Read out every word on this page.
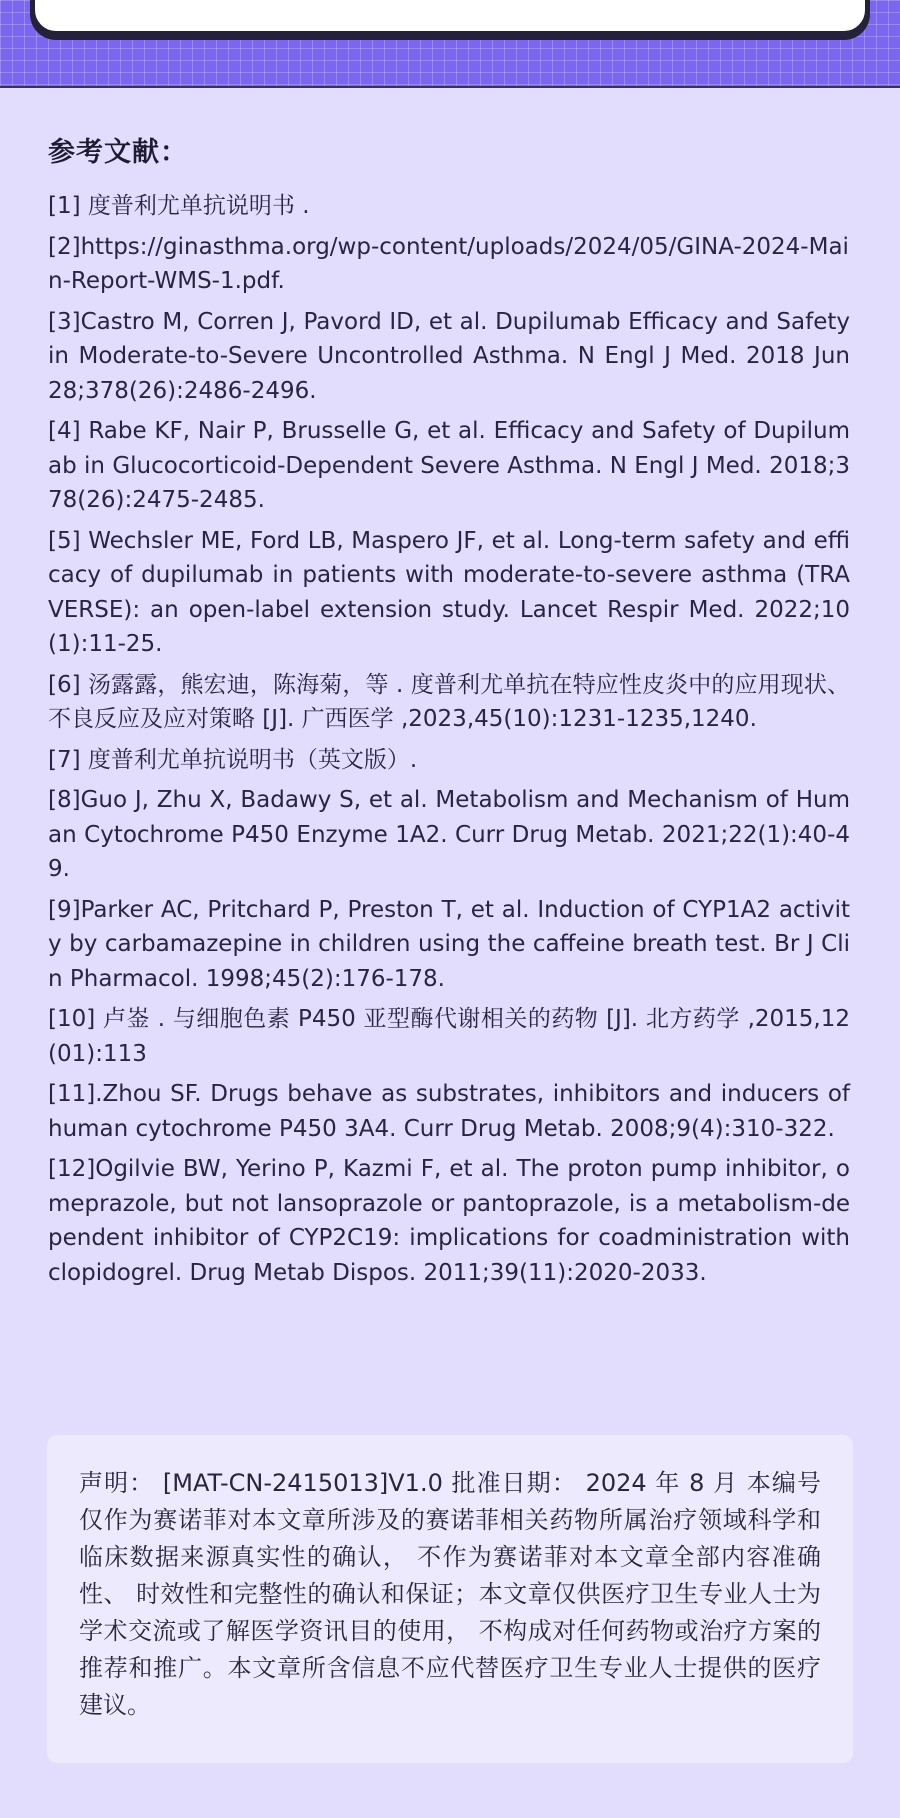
参考文献：
[1] 度普利尤单抗说明书 .
[2]https://ginasthma.org/wp-content/uploads/2024/05/GINA-2024-Main-Report-WMS-1.pdf.
[3]Castro M, Corren J, Pavord ID, et al. Dupilumab Efficacy and Safety in Moderate-to-Severe Uncontrolled Asthma. N Engl J Med. 2018 Jun 28;378(26):2486-2496.
[4] Rabe KF, Nair P, Brusselle G, et al. Efficacy and Safety of Dupilumab in Glucocorticoid-Dependent Severe Asthma. N Engl J Med. 2018;378(26):2475-2485.
[5] Wechsler ME, Ford LB, Maspero JF, et al. Long-term safety and efficacy of dupilumab in patients with moderate-to-severe asthma (TRAVERSE): an open-label extension study. Lancet Respir Med. 2022;10(1):11-25.
[6] 汤露露，熊宏迪，陈海菊，等 . 度普利尤单抗在特应性皮炎中的应用现状、不良反应及应对策略 [J]. 广西医学 ,2023,45(10):1231-1235,1240.
[7] 度普利尤单抗说明书（英文版）.
[8]Guo J, Zhu X, Badawy S, et al. Metabolism and Mechanism of Human Cytochrome P450 Enzyme 1A2. Curr Drug Metab. 2021;22(1):40-49.
[9]Parker AC, Pritchard P, Preston T, et al. Induction of CYP1A2 activity by carbamazepine in children using the caffeine breath test. Br J Clin Pharmacol. 1998;45(2):176-178.
[10] 卢崟 . 与细胞色素 P450 亚型酶代谢相关的药物 [J]. 北方药学 ,2015,12(01):113
[11].Zhou SF. Drugs behave as substrates, inhibitors and inducers of human cytochrome P450 3A4. Curr Drug Metab. 2008;9(4):310-322.
[12]Ogilvie BW, Yerino P, Kazmi F, et al. The proton pump inhibitor, omeprazole, but not lansoprazole or pantoprazole, is a metabolism-dependent inhibitor of CYP2C19: implications for coadministration with clopidogrel. Drug Metab Dispos. 2011;39(11):2020-2033.

声明： [MAT-CN-2415013]V1.0 批准日期： 2024 年 8 月 本编号仅作为赛诺菲对本文章所涉及的赛诺菲相关药物所属治疗领域科学和临床数据来源真实性的确认， 不作为赛诺菲对本文章全部内容准确性、 时效性和完整性的确认和保证；本文章仅供医疗卫生专业人士为学术交流或了解医学资讯目的使用， 不构成对任何药物或治疗方案的推荐和推广。本文章所含信息不应代替医疗卫生专业人士提供的医疗建议。
